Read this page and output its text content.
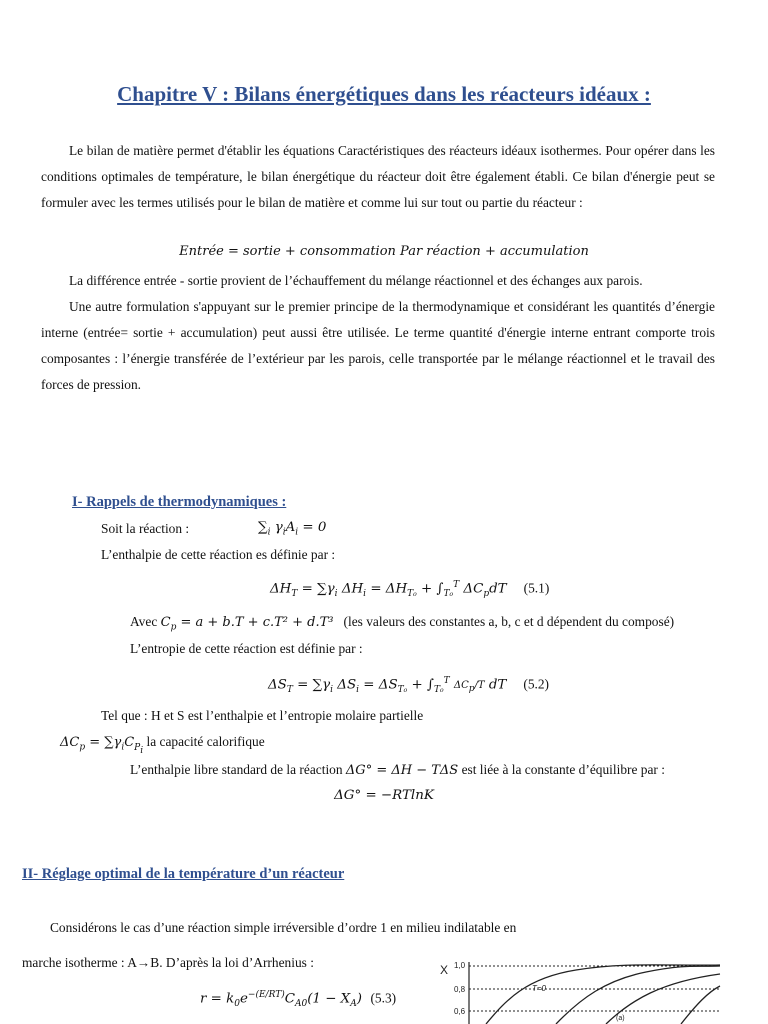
Chapitre V : Bilans énergétiques dans les réacteurs idéaux :
Le bilan de matière permet d'établir les équations Caractéristiques des réacteurs idéaux isothermes. Pour opérer dans les conditions optimales de température, le bilan énergétique du réacteur doit être également établi. Ce bilan d'énergie peut se formuler avec les termes utilisés pour le bilan de matière et comme lui sur tout ou partie du réacteur :
Entrée = sortie + consommation Par réaction + accumulation
La différence entrée - sortie provient de l’échauffement du mélange réactionnel et des échanges aux parois.
Une autre formulation s'appuyant sur le premier principe de la thermodynamique et considérant les quantités d’énergie interne (entrée= sortie + accumulation) peut aussi être utilisée. Le terme quantité d'énergie interne entrant comporte trois composantes : l’énergie transférée de l’extérieur par les parois, celle transportée par le mélange réactionnel et le travail des forces de pression.
I- Rappels de thermodynamiques :
Soit la réaction :	$\sum_i$ $\gamma_iA_i = 0$
L’enthalpie de cette réaction es définie par :
$\Delta H_T = \sum\gamma_i$ $\Delta H_i = \Delta H_{T_0} + \int_{T_0}^T$ $\Delta C_pdT$    (5.1)
Avec $C_p = a + b.T + c.T^2 + d.T^3$ (les valeurs des constantes a, b, c et d dépendent du composé)
L’entropie de cette réaction est définie par :
$\Delta S_T = \sum\gamma_i$ $\Delta S_i = \Delta S_{T_0} + \int_{T_0}^T$ $\Delta C_p/T$ dT    (5.2)
Tel que : H et S est l’enthalpie et l’entropie molaire partielle
$\Delta C_p = \sum\gamma_iC_{P_i}$ la capacité calorifique
L’enthalpie libre standard de la réaction ΔG° = ΔH − TΔS est liée à la constante d’équilibre par :
ΔG° = −RTlnK
II- Réglage optimal de la température d’un réacteur
Considérons le cas d’une réaction simple irréversible d’ordre 1 en milieu indilatable en
marche isotherme : A→B. D’après la loi d’Arrhenius :
$r = k_0e^{-(E/RT)}C_{A0}(1 - X_A)$  (5.3)
X 1,0
0,8
0,6
T=0
(a)
